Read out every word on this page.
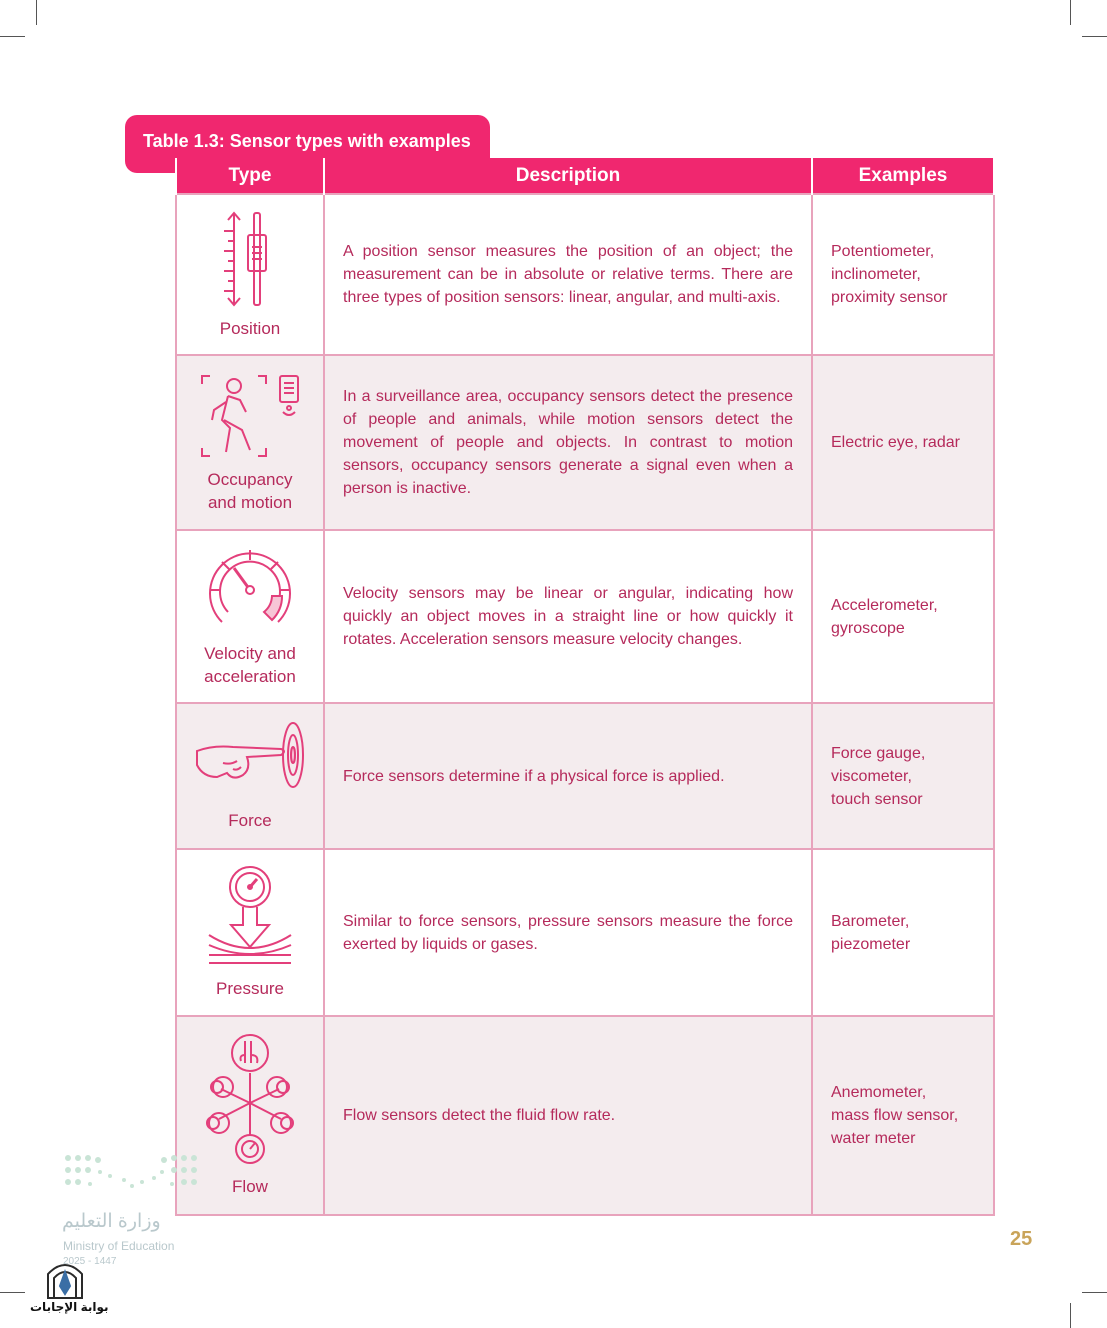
Table 1.3: Sensor types with examples
Type	Description	Examples

Position	A position sensor measures the position of an object; the measurement can be in absolute or relative terms. There are three types of position sensors: linear, angular, and multi-axis.	Potentiometer,
inclinometer,
proximity sensor

Occupancy and motion	In a surveillance area, occupancy sensors detect the presence of people and animals, while motion sensors detect the movement of people and objects. In contrast to motion sensors, occupancy sensors generate a signal even when a person is inactive.	Electric eye, radar

Velocity and acceleration	Velocity sensors may be linear or angular, indicating how quickly an object moves in a straight line or how quickly it rotates. Acceleration sensors measure velocity changes.	Accelerometer,
gyroscope

Force	Force sensors determine if a physical force is applied.	Force gauge,
viscometer,
touch sensor

Pressure	Similar to force sensors, pressure sensors measure the force exerted by liquids or gases.	Barometer,
piezometer

Flow	Flow sensors detect the fluid flow rate.	Anemometer,
mass flow sensor,
water meter
وزارة التعليم
Ministry of Education
2025 - 1447
بوابة الإجابات
25
